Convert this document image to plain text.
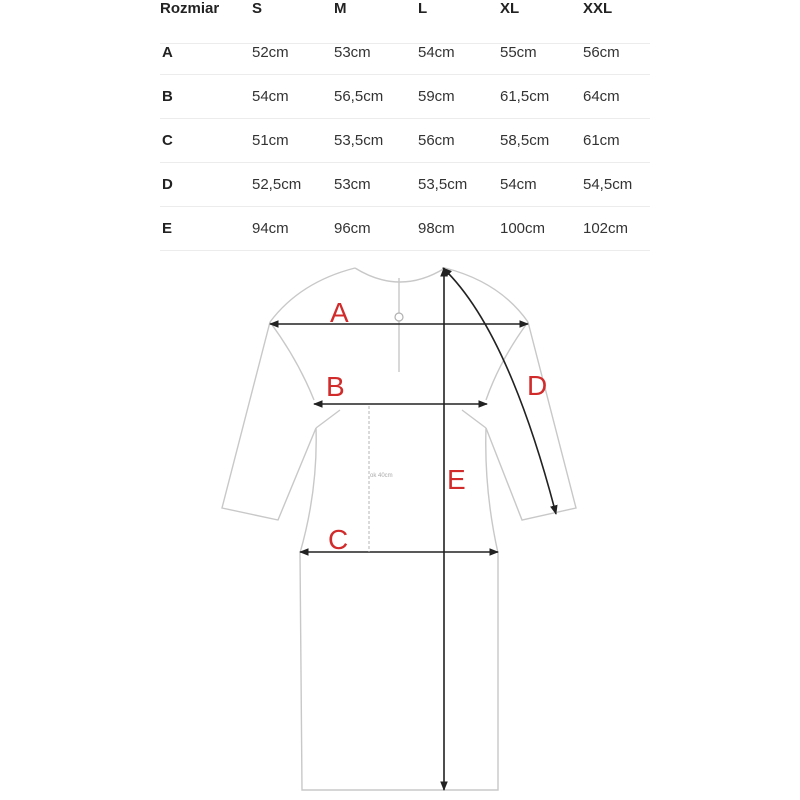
Rozmiar S	M	L	XL	XXL
A	52cm	53cm	54cm	55cm	56cm
B	54cm	56,5cm 59cm	61,5cm 64cm
C	51cm	53,5cm 56cm	58,5cm 61cm
D	52,5cm 53cm	53,5cm 54cm	54,5cm
E	94cm	96cm	98cm	100cm	102cm
ok 40cm
A
B
C
D
E
